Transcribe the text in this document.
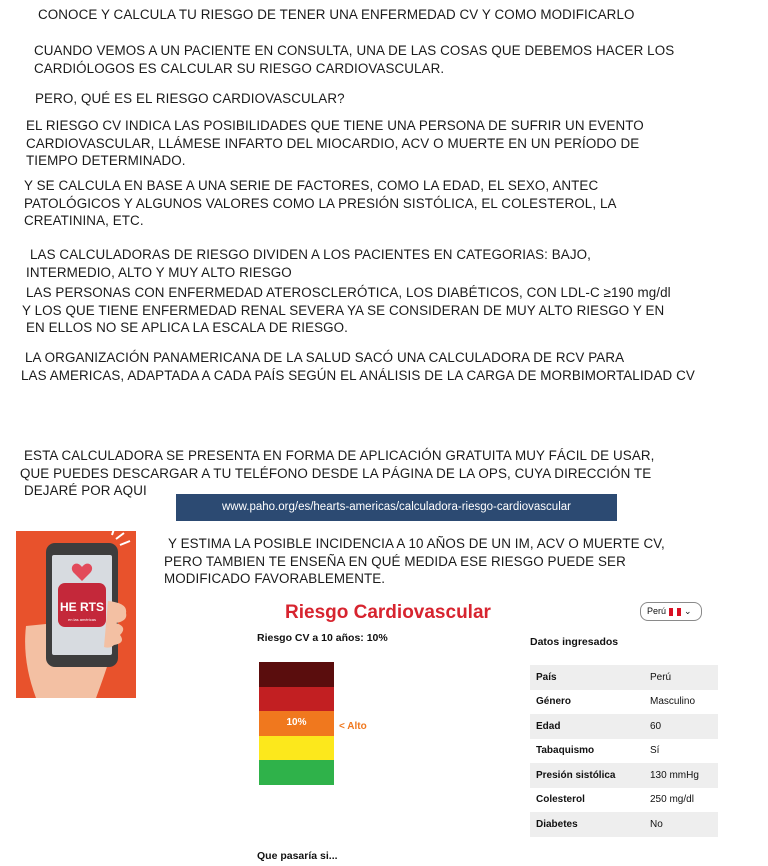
CONOCE Y CALCULA TU RIESGO DE TENER UNA ENFERMEDAD CV Y COMO MODIFICARLO
CUANDO VEMOS A UN PACIENTE EN CONSULTA, UNA DE LAS COSAS QUE DEBEMOS HACER LOS
CARDIÓLOGOS ES CALCULAR SU RIESGO CARDIOVASCULAR.
PERO, QUÉ ES EL RIESGO CARDIOVASCULAR?
EL RIESGO CV INDICA LAS POSIBILIDADES QUE TIENE UNA PERSONA DE SUFRIR UN EVENTO
CARDIOVASCULAR, LLÁMESE INFARTO DEL MIOCARDIO, ACV O MUERTE EN UN PERÍODO DE
TIEMPO DETERMINADO.
Y SE CALCULA EN BASE A UNA SERIE DE FACTORES, COMO LA EDAD, EL SEXO, ANTEC
PATOLÓGICOS Y ALGUNOS VALORES COMO LA PRESIÓN SISTÓLICA, EL COLESTEROL, LA
CREATININA, ETC.
LAS CALCULADORAS DE RIESGO DIVIDEN A LOS PACIENTES EN CATEGORIAS: BAJO,
INTERMEDIO, ALTO Y MUY ALTO RIESGO
LAS PERSONAS CON ENFERMEDAD ATEROSCLERÓTICA, LOS DIABÉTICOS, CON LDL-C ≥190 mg/dl
Y LOS QUE TIENE ENFERMEDAD RENAL SEVERA YA SE CONSIDERAN DE MUY ALTO RIESGO Y EN
EN ELLOS NO SE APLICA LA ESCALA DE RIESGO.
LA ORGANIZACIÓN PANAMERICANA DE LA SALUD SACÓ UNA CALCULADORA DE RCV PARA
LAS AMERICAS, ADAPTADA A CADA PAÍS SEGÚN EL ANÁLISIS DE LA CARGA DE MORBIMORTALIDAD CV
ESTA CALCULADORA SE PRESENTA EN FORMA DE APLICACIÓN GRATUITA MUY FÁCIL DE USAR,
QUE PUEDES DESCARGAR A TU TELÉFONO DESDE LA PÁGINA DE LA OPS, CUYA DIRECCIÓN TE
DEJARÉ POR AQUI
www.paho.org/es/hearts-americas/calculadora-riesgo-cardiovascular
HE RTS
en las américas
Y ESTIMA LA POSIBLE INCIDENCIA A 10 AÑOS DE UN IM, ACV O MUERTE CV,
PERO TAMBIEN TE ENSEÑA EN QUÉ MEDIDA ESE RIESGO PUEDE SER
MODIFICADO FAVORABLEMENTE.
Riesgo Cardiovascular	Perú ⌄
Riesgo CV a 10 años: 10%
10%	< Alto
Datos ingresados
País	Perú
Género	Masculino
Edad	60
Tabaquismo	Sí
Presión sistólica	130 mmHg
Colesterol	250 mg/dl
Diabetes	No
Que pasaría si...
